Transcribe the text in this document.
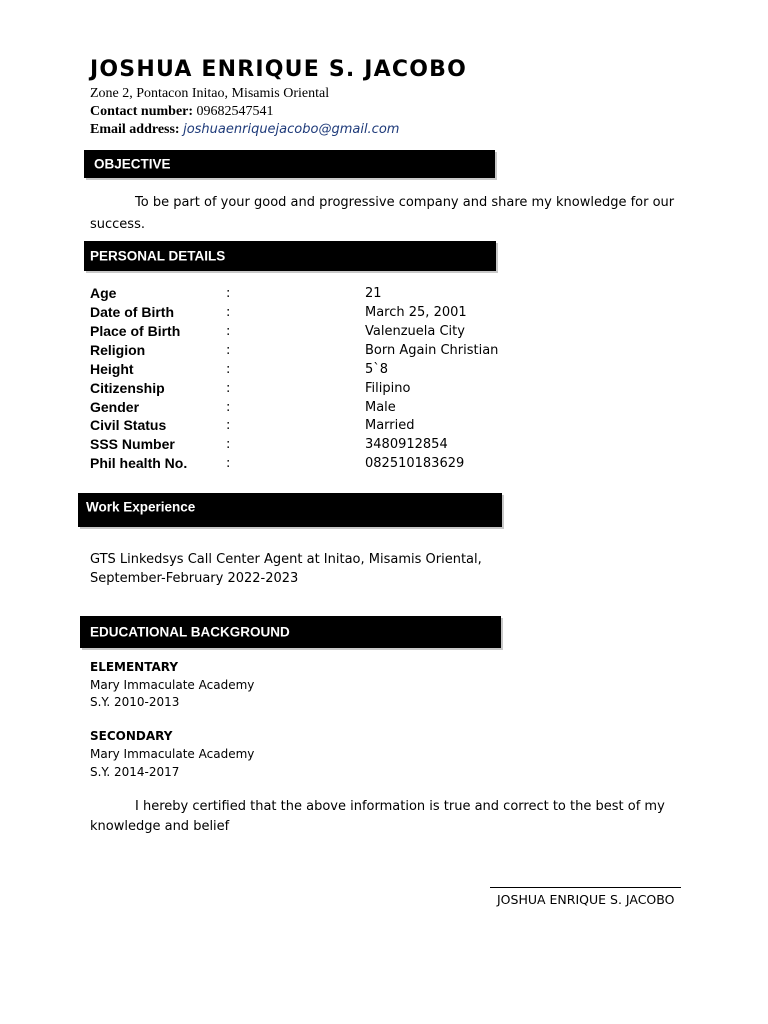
JOSHUA ENRIQUE S. JACOBO
Zone 2, Pontacon Initao, Misamis Oriental
Contact number: 09682547541
Email address: joshuaenriquejacobo@gmail.com
OBJECTIVE
To be part of your good and progressive company and share my knowledge for our
success.
PERSONAL DETAILS
Age	:	21
Date of Birth	:	March 25, 2001
Place of Birth	:	Valenzuela City
Religion	:	Born Again Christian
Height	:	5`8
Citizenship	:	Filipino
Gender	:	Male
Civil Status	:	Married
SSS Number	:	3480912854
Phil health No.	:	082510183629
Work Experience
GTS Linkedsys Call Center Agent at Initao, Misamis Oriental,
September-February 2022-2023
EDUCATIONAL BACKGROUND
ELEMENTARY
Mary Immaculate Academy
S.Y. 2010-2013
SECONDARY
Mary Immaculate Academy
S.Y. 2014-2017
I hereby certified that the above information is true and correct to the best of my
knowledge and belief
JOSHUA ENRIQUE S. JACOBO
